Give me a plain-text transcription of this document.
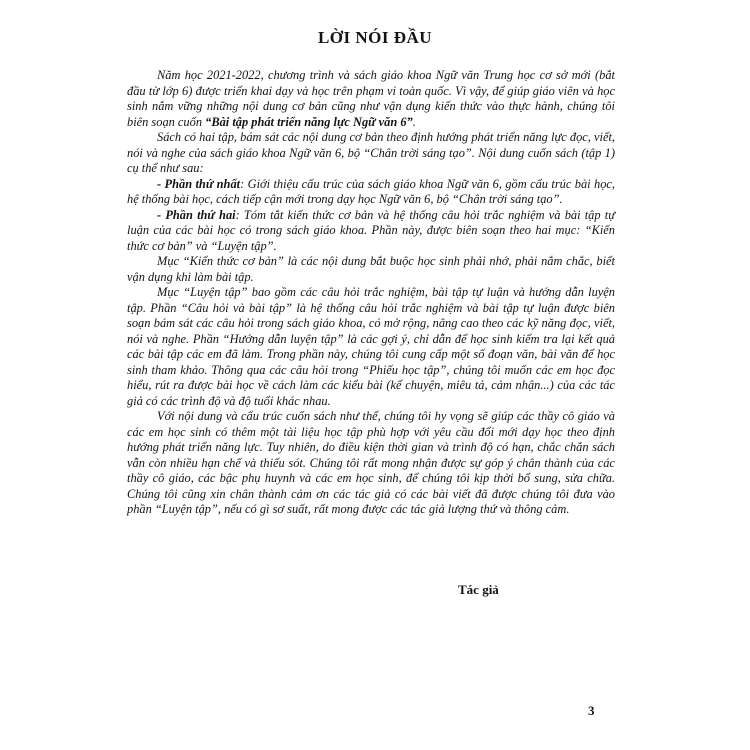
LỜI NÓI ĐẦU

Năm học 2021-2022, chương trình và sách giáo khoa Ngữ văn Trung học cơ sở mới (bắt đầu từ lớp 6) được triển khai dạy và học trên phạm vi toàn quốc. Vì vậy, để giúp giáo viên và học sinh nắm vững những nội dung cơ bản cũng như vận dụng kiến thức vào thực hành, chúng tôi biên soạn cuốn “Bài tập phát triển năng lực Ngữ văn 6”.

Sách có hai tập, bám sát các nội dung cơ bản theo định hướng phát triển năng lực đọc, viết, nói và nghe của sách giáo khoa Ngữ văn 6, bộ “Chân trời sáng tạo”. Nội dung cuốn sách (tập 1) cụ thể như sau:

- Phần thứ nhất: Giới thiệu cấu trúc của sách giáo khoa Ngữ văn 6, gồm cấu trúc bài học, hệ thống bài học, cách tiếp cận mới trong dạy học Ngữ văn 6, bộ “Chân trời sáng tạo”.

- Phần thứ hai: Tóm tắt kiến thức cơ bản và hệ thống câu hỏi trắc nghiệm và bài tập tự luận của các bài học có trong sách giáo khoa. Phần này, được biên soạn theo hai mục: “Kiến thức cơ bản” và “Luyện tập”.

Mục “Kiến thức cơ bản” là các nội dung bắt buộc học sinh phải nhớ, phải nắm chắc, biết vận dụng khi làm bài tập.

Mục “Luyện tập” bao gồm các câu hỏi trắc nghiệm, bài tập tự luận và hướng dẫn luyện tập. Phần “Câu hỏi và bài tập” là hệ thống câu hỏi trắc nghiệm và bài tập tự luận được biên soạn bám sát các câu hỏi trong sách giáo khoa, có mở rộng, nâng cao theo các kỹ năng đọc, viết, nói và nghe. Phần “Hướng dẫn luyện tập” là các gợi ý, chỉ dẫn để học sinh kiểm tra lại kết quả các bài tập các em đã làm. Trong phần này, chúng tôi cung cấp một số đoạn văn, bài văn để học sinh tham khảo. Thông qua các câu hỏi trong “Phiếu học tập”, chúng tôi muốn các em học đọc hiểu, rút ra được bài học về cách làm các kiểu bài (kể chuyện, miêu tả, cảm nhận...) của các tác giả có các trình độ và độ tuổi khác nhau.

Với nội dung và cấu trúc cuốn sách như thế, chúng tôi hy vọng sẽ giúp các thầy cô giáo và các em học sinh có thêm một tài liệu học tập phù hợp với yêu cầu đổi mới dạy học theo định hướng phát triển năng lực. Tuy nhiên, do điều kiện thời gian và trình độ có hạn, chắc chắn sách vẫn còn nhiều hạn chế và thiếu sót. Chúng tôi rất mong nhận được sự góp ý chân thành của các thầy cô giáo, các bậc phụ huynh và các em học sinh, để chúng tôi kịp thời bổ sung, sửa chữa. Chúng tôi cũng xin chân thành cảm ơn các tác giả có các bài viết đã được chúng tôi đưa vào phần “Luyện tập”, nếu có gì sơ suất, rất mong được các tác giả lượng thứ và thông cảm.

Tác giả
3
